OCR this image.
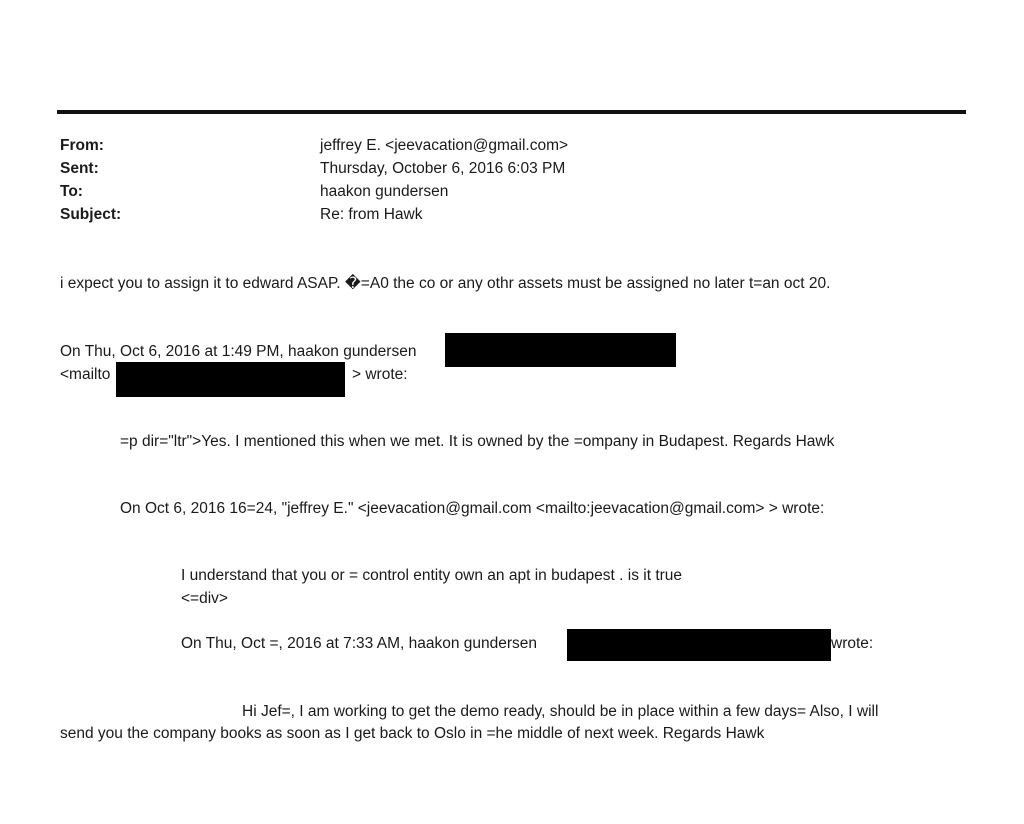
From:	jeffrey E. <jeevacation@gmail.com>
Sent:	Thursday, October 6, 2016 6:03 PM
To:	haakon gundersen
Subject:	Re: from Hawk
i expect you to assign it to edward ASAP. �=A0 the co or any othr assets must be assigned no later t=an oct 20.
On Thu, Oct 6, 2016 at 1:49 PM, haakon gundersen
<mailto	> wrote:
=p dir="ltr">Yes. I mentioned this when we met. It is owned by the =ompany in Budapest. Regards Hawk
On Oct 6, 2016 16=24, "jeffrey E." <jeevacation@gmail.com <mailto:jeevacation@gmail.com> > wrote:
I understand that you or = control entity own an apt in budapest . is it true
<=div>
On Thu, Oct =, 2016 at 7:33 AM, haakon gundersen	wrote:
Hi Jef=, I am working to get the demo ready, should be in place within a few days= Also, I will
send you the company books as soon as I get back to Oslo in =he middle of next week. Regards Hawk
